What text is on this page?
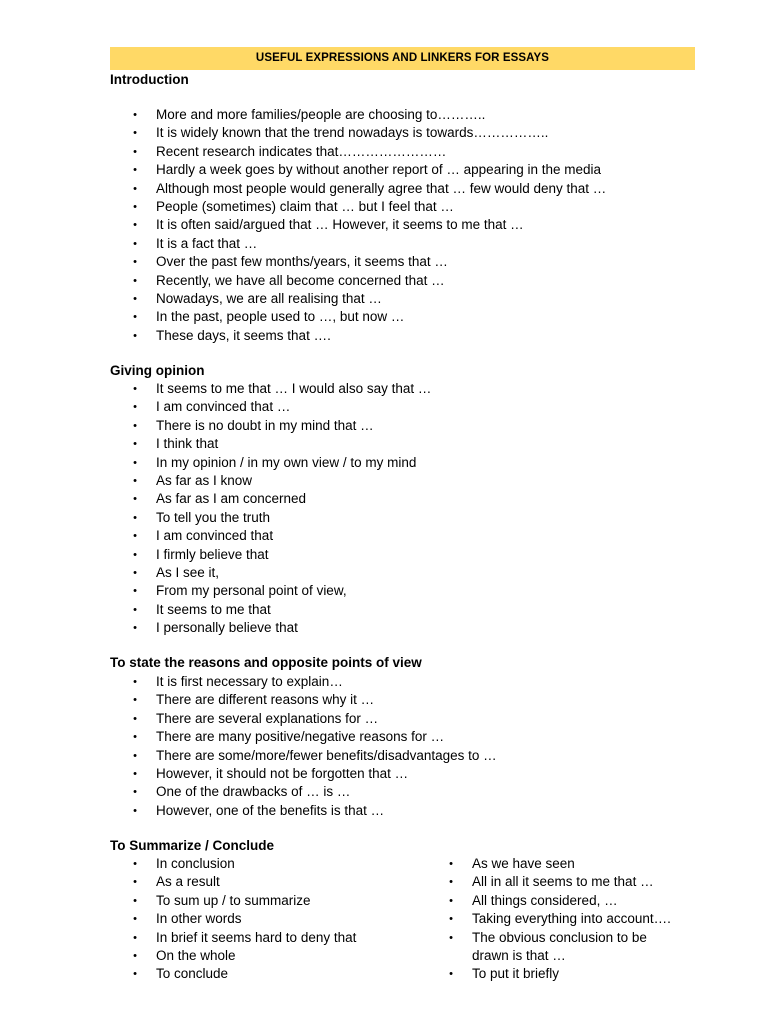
USEFUL EXPRESSIONS AND LINKERS FOR ESSAYS
Introduction
• More and more families/people are choosing to………..
• It is widely known that the trend nowadays is towards……………..
• Recent research indicates that……………………
• Hardly a week goes by without another report of … appearing in the media
• Although most people would generally agree that … few would deny that …
• People (sometimes) claim that … but I feel that …
• It is often said/argued that … However, it seems to me that …
• It is a fact that …
• Over the past few months/years, it seems that …
• Recently, we have all become concerned that …
• Nowadays, we are all realising that …
• In the past, people used to …, but now …
• These days, it seems that ….
Giving opinion
• It seems to me that … I would also say that …
• I am convinced that …
• There is no doubt in my mind that …
• I think that
• In my opinion / in my own view / to my mind
• As far as I know
• As far as I am concerned
• To tell you the truth
• I am convinced that
• I firmly believe that
• As I see it,
• From my personal point of view,
• It seems to me that
• I personally believe that
To state the reasons and opposite points of view
• It is first necessary to explain…
• There are different reasons why it …
• There are several explanations for …
• There are many positive/negative reasons for …
• There are some/more/fewer benefits/disadvantages to …
• However, it should not be forgotten that …
• One of the drawbacks of … is …
• However, one of the benefits is that …
To Summarize / Conclude
• In conclusion
• As a result
• To sum up / to summarize
• In other words
• In brief it seems hard to deny that
• On the whole
• To conclude
• As we have seen
• All in all it seems to me that …
• All things considered, …
• Taking everything into account….
• The obvious conclusion to be
drawn is that …
• To put it briefly
